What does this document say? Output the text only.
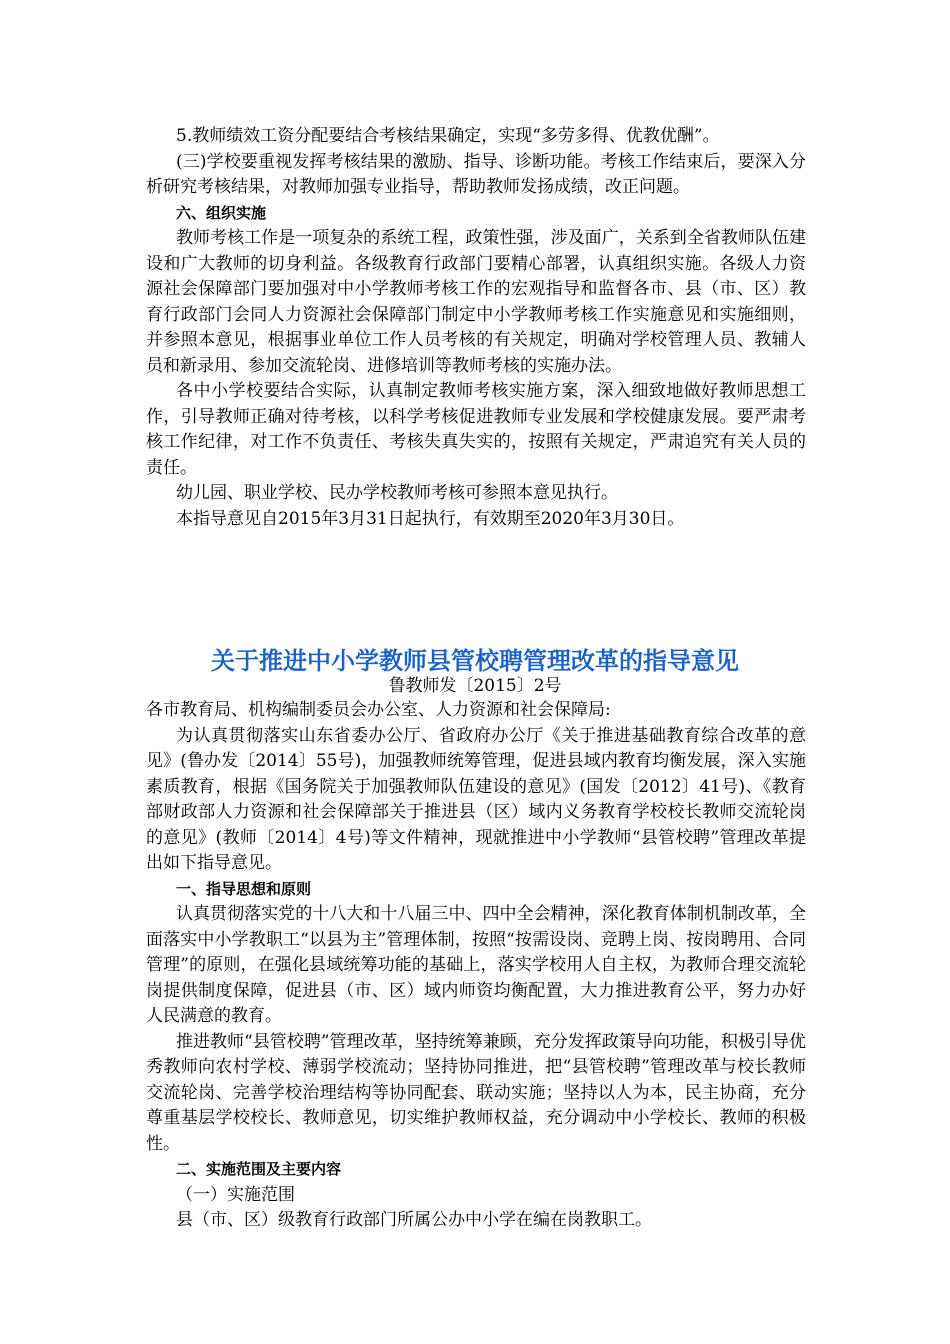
5.教师绩效工资分配要结合考核结果确定，实现“多劳多得、优教优酬”。

(三)学校要重视发挥考核结果的激励、指导、诊断功能。考核工作结束后，要深入分析研究考核结果，对教师加强专业指导，帮助教师发扬成绩，改正问题。

六、组织实施

教师考核工作是一项复杂的系统工程，政策性强，涉及面广，关系到全省教师队伍建设和广大教师的切身利益。各级教育行政部门要精心部署，认真组织实施。各级人力资源社会保障部门要加强对中小学教师考核工作的宏观指导和监督各市、县（市、区）教育行政部门会同人力资源社会保障部门制定中小学教师考核工作实施意见和实施细则，并参照本意见，根据事业单位工作人员考核的有关规定，明确对学校管理人员、教辅人员和新录用、参加交流轮岗、进修培训等教师考核的实施办法。

各中小学校要结合实际，认真制定教师考核实施方案，深入细致地做好教师思想工作，引导教师正确对待考核，以科学考核促进教师专业发展和学校健康发展。要严肃考核工作纪律，对工作不负责任、考核失真失实的，按照有关规定，严肃追究有关人员的责任。

幼儿园、职业学校、民办学校教师考核可参照本意见执行。

本指导意见自2015年3月31日起执行，有效期至2020年3月30日。

关于推进中小学教师县管校聘管理改革的指导意见
鲁教师发〔2015〕2号

各市教育局、机构编制委员会办公室、人力资源和社会保障局:

为认真贯彻落实山东省委办公厅、省政府办公厅《关于推进基础教育综合改革的意见》(鲁办发〔2014〕55号)，加强教师统筹管理，促进县域内教育均衡发展，深入实施素质教育，根据《国务院关于加强教师队伍建设的意见》(国发〔2012〕41号)、《教育部财政部人力资源和社会保障部关于推进县（区）域内义务教育学校校长教师交流轮岗的意见》(教师〔2014〕4号)等文件精神，现就推进中小学教师“县管校聘”管理改革提出如下指导意见。

一、指导思想和原则

认真贯彻落实党的十八大和十八届三中、四中全会精神，深化教育体制机制改革，全面落实中小学教职工“以县为主”管理体制，按照“按需设岗、竞聘上岗、按岗聘用、合同管理”的原则，在强化县域统筹功能的基础上，落实学校用人自主权，为教师合理交流轮岗提供制度保障，促进县（市、区）域内师资均衡配置，大力推进教育公平，努力办好人民满意的教育。

推进教师“县管校聘”管理改革，坚持统筹兼顾，充分发挥政策导向功能，积极引导优秀教师向农村学校、薄弱学校流动；坚持协同推进，把“县管校聘”管理改革与校长教师交流轮岗、完善学校治理结构等协同配套、联动实施；坚持以人为本，民主协商，充分尊重基层学校校长、教师意见，切实维护教师权益，充分调动中小学校长、教师的积极性。

二、实施范围及主要内容

（一）实施范围

县（市、区）级教育行政部门所属公办中小学在编在岗教职工。
